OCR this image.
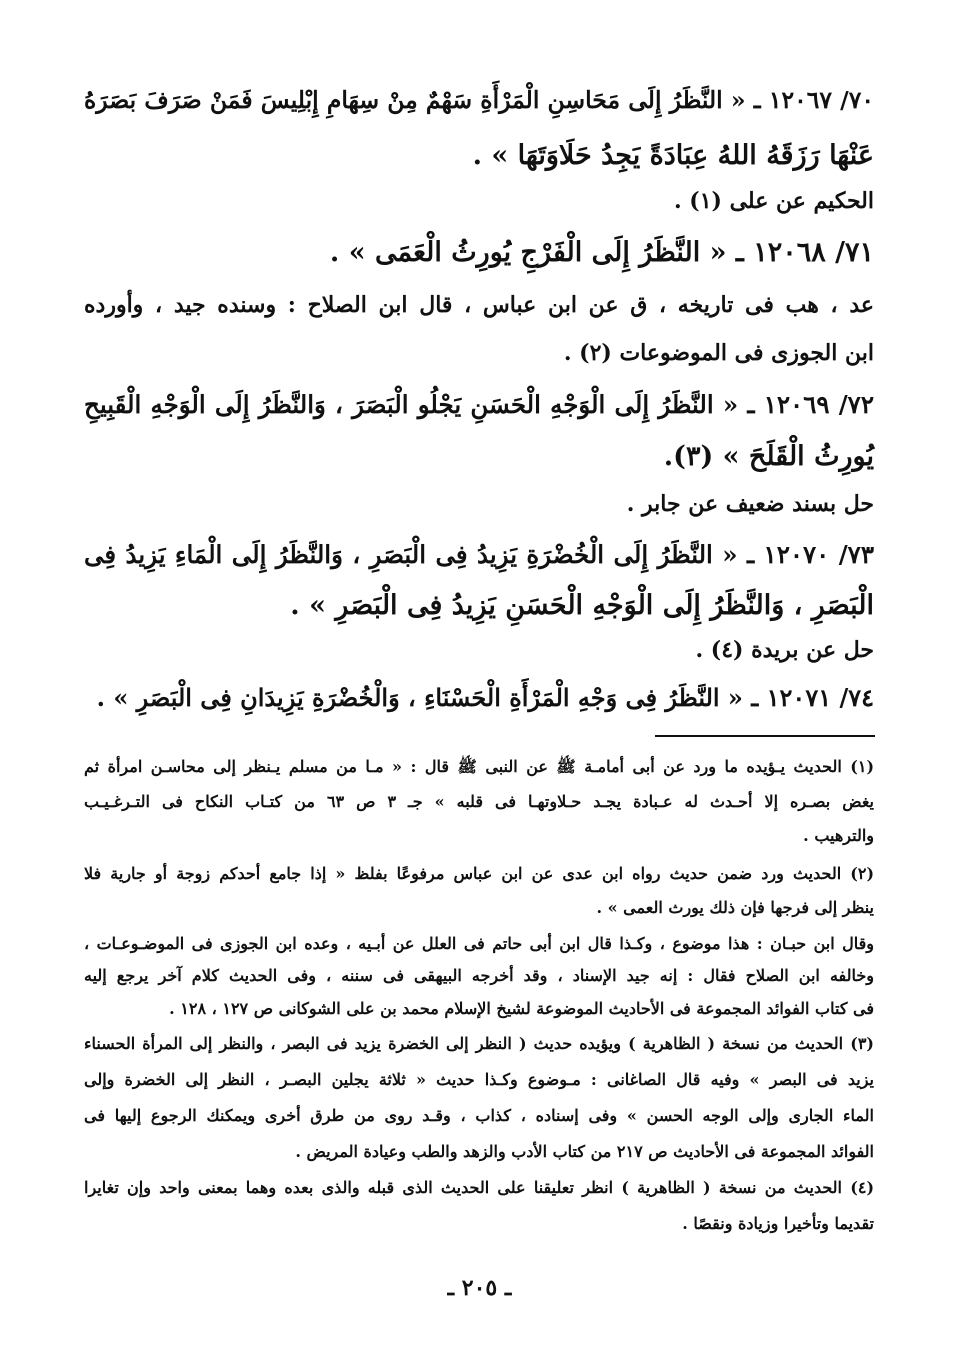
٧٠/ ١٢٠٦٧ ـ « النَّظَرُ إِلَى مَحَاسِنِ الْمَرْأَةِ سَهْمٌ مِنْ سِهَامِ إِبْلِيسَ فَمَنْ صَرَفَ بَصَرَهُ
عَنْهَا رَزَقَهُ اللهُ عِبَادَةً يَجِدُ حَلَاوَتَهَا » .
الحكيم عن على (١) .
٧١/ ١٢٠٦٨ ـ « النَّظَرُ إِلَى الْفَرْجِ يُورِثُ الْعَمَى » .
عد ، هب فى تاريخه ، ق عن ابن عباس ، قال ابن الصلاح : وسنده جيد ، وأورده
ابن الجوزى فى الموضوعات (٢) .
٧٢/ ١٢٠٦٩ ـ « النَّظَرُ إِلَى الْوَجْهِ الْحَسَنِ يَجْلُو الْبَصَرَ ، وَالنَّظَرُ إِلَى الْوَجْهِ الْقَبِيحِ
يُورِثُ الْقَلَحَ » (٣).
حل بسند ضعيف عن جابر .
٧٣/ ١٢٠٧٠ ـ « النَّظَرُ إِلَى الْخُضْرَةِ يَزِيدُ فِى الْبَصَرِ ، وَالنَّظَرُ إِلَى الْمَاءِ يَزِيدُ فِى
الْبَصَرِ ، وَالنَّظَرُ إِلَى الْوَجْهِ الْحَسَنِ يَزِيدُ فِى الْبَصَرِ » .
حل عن بريدة (٤) .
٧٤/ ١٢٠٧١ ـ « النَّظَرُ فِى وَجْهِ الْمَرْأَةِ الْحَسْنَاءِ ، وَالْخُضْرَةِ يَزِيدَانِ فِى الْبَصَرِ » .
(١) الحديث يـؤيده ما ورد عن أبى أمامـة ﷺ عن النبى ﷺ قال : « مـا من مسلم يـنظر إلى محاسـن امرأة ثم
يغض بصـره إلا أحـدث له عـبادة يجـد حـلاوتهـا فى قلبه » جـ ٣ ص ٦٣ من كتـاب النكاح فى التـرغـيـب
والترهيب .
(٢) الحديث ورد ضمن حديث رواه ابن عدى عن ابن عباس مرفوعًا بفلظ « إذا جامع أحدكم زوجة أو جارية فلا
ينظر إلى فرجها فإن ذلك يورث العمى » .
وقال ابن حبـان : هذا موضوع ، وكـذا قال ابن أبى حاتم فى العلل عن أبـيه ، وعده ابن الجوزى فى الموضـوعـات ،
وخالفه ابن الصلاح فقال : إنه جيد الإسناد ، وقد أخرجه البيهقى فى سننه ، وفى الحديث كلام آخر يرجع إليه
فى كتاب الفوائد المجموعة فى الأحاديث الموضوعة لشيخ الإسلام محمد بن على الشوكانى ص ١٢٧ ، ١٢٨ .
(٣) الحديث من نسخة ( الظاهرية ) ويؤيده حديث ( النظر إلى الخضرة يزيد فى البصر ، والنظر إلى المرأة الحسناء
يزيد فى البصر » وفيه قال الصاغانى : مـوضوع وكـذا حديث « ثلاثة يجلين البصـر ، النظر إلى الخضرة وإلى
الماء الجارى وإلى الوجه الحسن » وفى إسناده ، كذاب ، وقـد روى من طرق أخرى ويمكنك الرجوع إليها فى
الفوائد المجموعة فى الأحاديث ص ٢١٧ من كتاب الأدب والزهد والطب وعيادة المريض .
(٤) الحديث من نسخة ( الظاهرية ) انظر تعليقنا على الحديث الذى قبله والذى بعده وهما بمعنى واحد وإن تغايرا
تقديما وتأخيرا وزيادة ونقصًا .
ـ ٢٠٥ ـ
